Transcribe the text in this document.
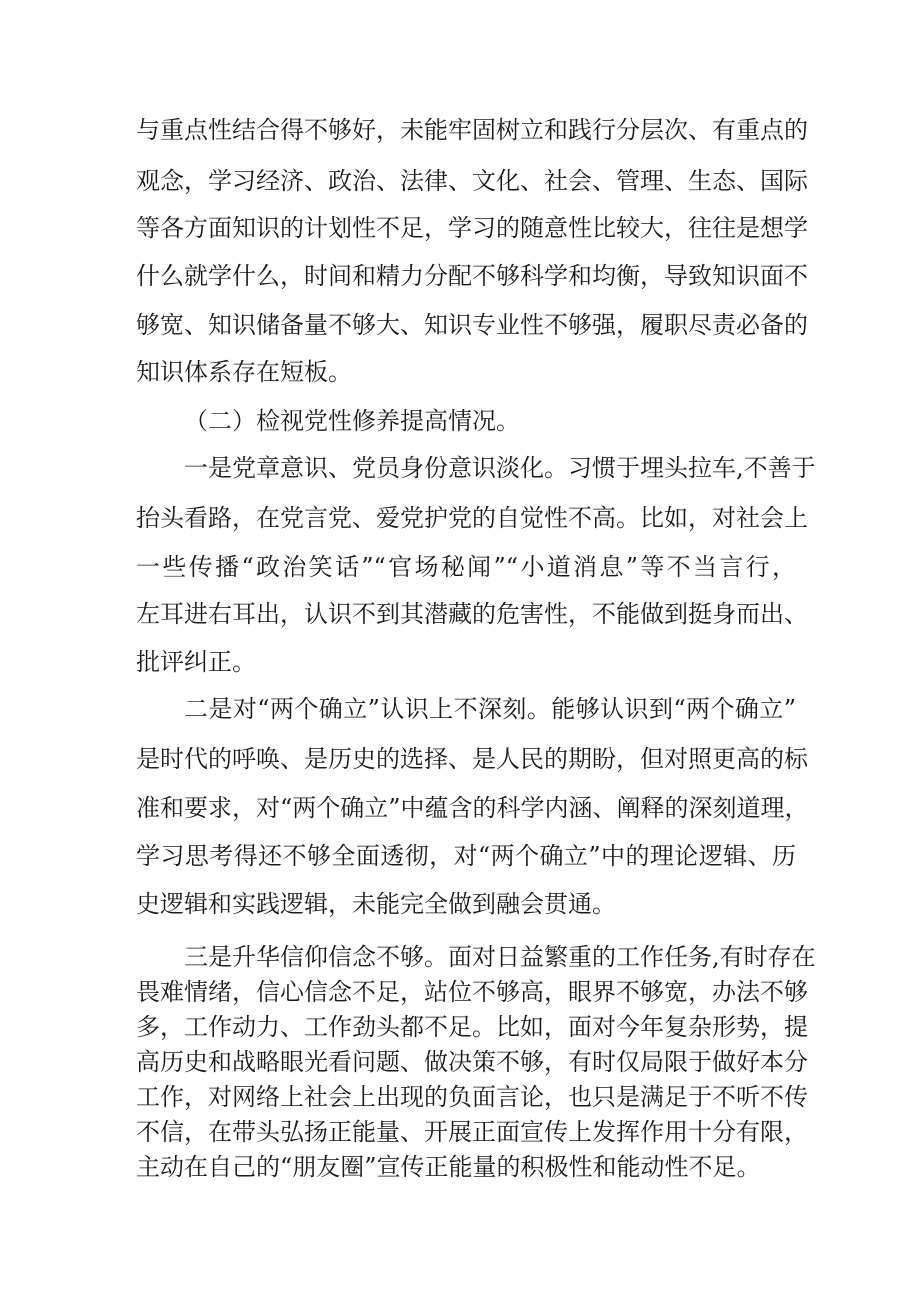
与重点性结合得不够好，未能牢固树立和践行分层次、有重点的
观念，学习经济、政治、法律、文化、社会、管理、生态、国际
等各方面知识的计划性不足，学习的随意性比较大，往往是想学
什么就学什么，时间和精力分配不够科学和均衡，导致知识面不
够宽、知识储备量不够大、知识专业性不够强，履职尽责必备的
知识体系存在短板。
（二）检视党性修养提高情况。
一是党章意识、党员身份意识淡化。习惯于埋头拉车,不善于
抬头看路，在党言党、爱党护党的自觉性不高。比如，对社会上
一些传播“政治笑话”“官场秘闻”“小道消息”等不当言行，
左耳进右耳出，认识不到其潜藏的危害性，不能做到挺身而出、
批评纠正。
二是对“两个确立”认识上不深刻。能够认识到“两个确立”
是时代的呼唤、是历史的选择、是人民的期盼，但对照更高的标
准和要求，对“两个确立”中蕴含的科学内涵、阐释的深刻道理，
学习思考得还不够全面透彻，对“两个确立”中的理论逻辑、历
史逻辑和实践逻辑，未能完全做到融会贯通。
三是升华信仰信念不够。面对日益繁重的工作任务,有时存在
畏难情绪，信心信念不足，站位不够高，眼界不够宽，办法不够
多，工作动力、工作劲头都不足。比如，面对今年复杂形势，提
高历史和战略眼光看问题、做决策不够，有时仅局限于做好本分
工作，对网络上社会上出现的负面言论，也只是满足于不听不传
不信，在带头弘扬正能量、开展正面宣传上发挥作用十分有限，
主动在自己的“朋友圈”宣传正能量的积极性和能动性不足。
